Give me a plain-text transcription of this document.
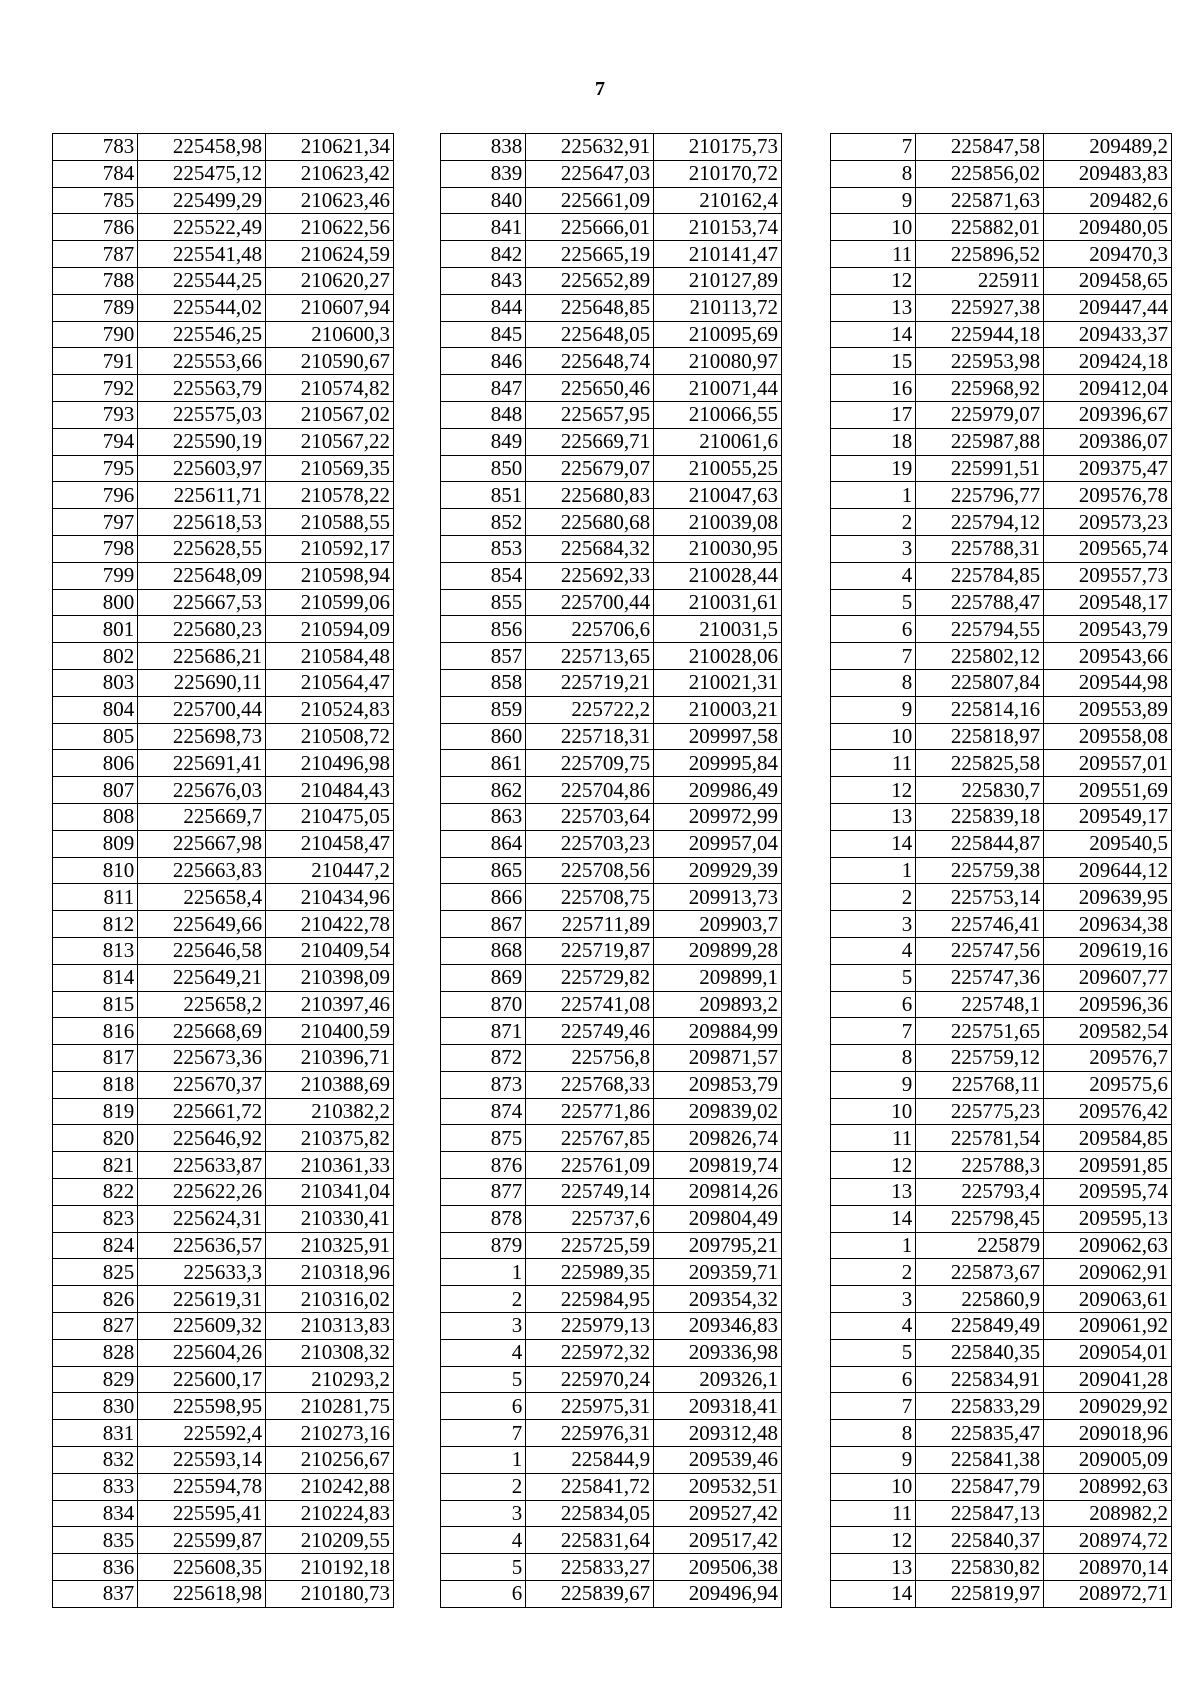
7
783	225458,98	210621,34
784	225475,12	210623,42
785	225499,29	210623,46
786	225522,49	210622,56
787	225541,48	210624,59
788	225544,25	210620,27
789	225544,02	210607,94
790	225546,25	210600,3
791	225553,66	210590,67
792	225563,79	210574,82
793	225575,03	210567,02
794	225590,19	210567,22
795	225603,97	210569,35
796	225611,71	210578,22
797	225618,53	210588,55
798	225628,55	210592,17
799	225648,09	210598,94
800	225667,53	210599,06
801	225680,23	210594,09
802	225686,21	210584,48
803	225690,11	210564,47
804	225700,44	210524,83
805	225698,73	210508,72
806	225691,41	210496,98
807	225676,03	210484,43
808	225669,7	210475,05
809	225667,98	210458,47
810	225663,83	210447,2
811	225658,4	210434,96
812	225649,66	210422,78
813	225646,58	210409,54
814	225649,21	210398,09
815	225658,2	210397,46
816	225668,69	210400,59
817	225673,36	210396,71
818	225670,37	210388,69
819	225661,72	210382,2
820	225646,92	210375,82
821	225633,87	210361,33
822	225622,26	210341,04
823	225624,31	210330,41
824	225636,57	210325,91
825	225633,3	210318,96
826	225619,31	210316,02
827	225609,32	210313,83
828	225604,26	210308,32
829	225600,17	210293,2
830	225598,95	210281,75
831	225592,4	210273,16
832	225593,14	210256,67
833	225594,78	210242,88
834	225595,41	210224,83
835	225599,87	210209,55
836	225608,35	210192,18
837	225618,98	210180,73
838	225632,91	210175,73
839	225647,03	210170,72
840	225661,09	210162,4
841	225666,01	210153,74
842	225665,19	210141,47
843	225652,89	210127,89
844	225648,85	210113,72
845	225648,05	210095,69
846	225648,74	210080,97
847	225650,46	210071,44
848	225657,95	210066,55
849	225669,71	210061,6
850	225679,07	210055,25
851	225680,83	210047,63
852	225680,68	210039,08
853	225684,32	210030,95
854	225692,33	210028,44
855	225700,44	210031,61
856	225706,6	210031,5
857	225713,65	210028,06
858	225719,21	210021,31
859	225722,2	210003,21
860	225718,31	209997,58
861	225709,75	209995,84
862	225704,86	209986,49
863	225703,64	209972,99
864	225703,23	209957,04
865	225708,56	209929,39
866	225708,75	209913,73
867	225711,89	209903,7
868	225719,87	209899,28
869	225729,82	209899,1
870	225741,08	209893,2
871	225749,46	209884,99
872	225756,8	209871,57
873	225768,33	209853,79
874	225771,86	209839,02
875	225767,85	209826,74
876	225761,09	209819,74
877	225749,14	209814,26
878	225737,6	209804,49
879	225725,59	209795,21
1	225989,35	209359,71
2	225984,95	209354,32
3	225979,13	209346,83
4	225972,32	209336,98
5	225970,24	209326,1
6	225975,31	209318,41
7	225976,31	209312,48
1	225844,9	209539,46
2	225841,72	209532,51
3	225834,05	209527,42
4	225831,64	209517,42
5	225833,27	209506,38
6	225839,67	209496,94
7	225847,58	209489,2
8	225856,02	209483,83
9	225871,63	209482,6
10	225882,01	209480,05
11	225896,52	209470,3
12	225911	209458,65
13	225927,38	209447,44
14	225944,18	209433,37
15	225953,98	209424,18
16	225968,92	209412,04
17	225979,07	209396,67
18	225987,88	209386,07
19	225991,51	209375,47
1	225796,77	209576,78
2	225794,12	209573,23
3	225788,31	209565,74
4	225784,85	209557,73
5	225788,47	209548,17
6	225794,55	209543,79
7	225802,12	209543,66
8	225807,84	209544,98
9	225814,16	209553,89
10	225818,97	209558,08
11	225825,58	209557,01
12	225830,7	209551,69
13	225839,18	209549,17
14	225844,87	209540,5
1	225759,38	209644,12
2	225753,14	209639,95
3	225746,41	209634,38
4	225747,56	209619,16
5	225747,36	209607,77
6	225748,1	209596,36
7	225751,65	209582,54
8	225759,12	209576,7
9	225768,11	209575,6
10	225775,23	209576,42
11	225781,54	209584,85
12	225788,3	209591,85
13	225793,4	209595,74
14	225798,45	209595,13
1	225879	209062,63
2	225873,67	209062,91
3	225860,9	209063,61
4	225849,49	209061,92
5	225840,35	209054,01
6	225834,91	209041,28
7	225833,29	209029,92
8	225835,47	209018,96
9	225841,38	209005,09
10	225847,79	208992,63
11	225847,13	208982,2
12	225840,37	208974,72
13	225830,82	208970,14
14	225819,97	208972,71
